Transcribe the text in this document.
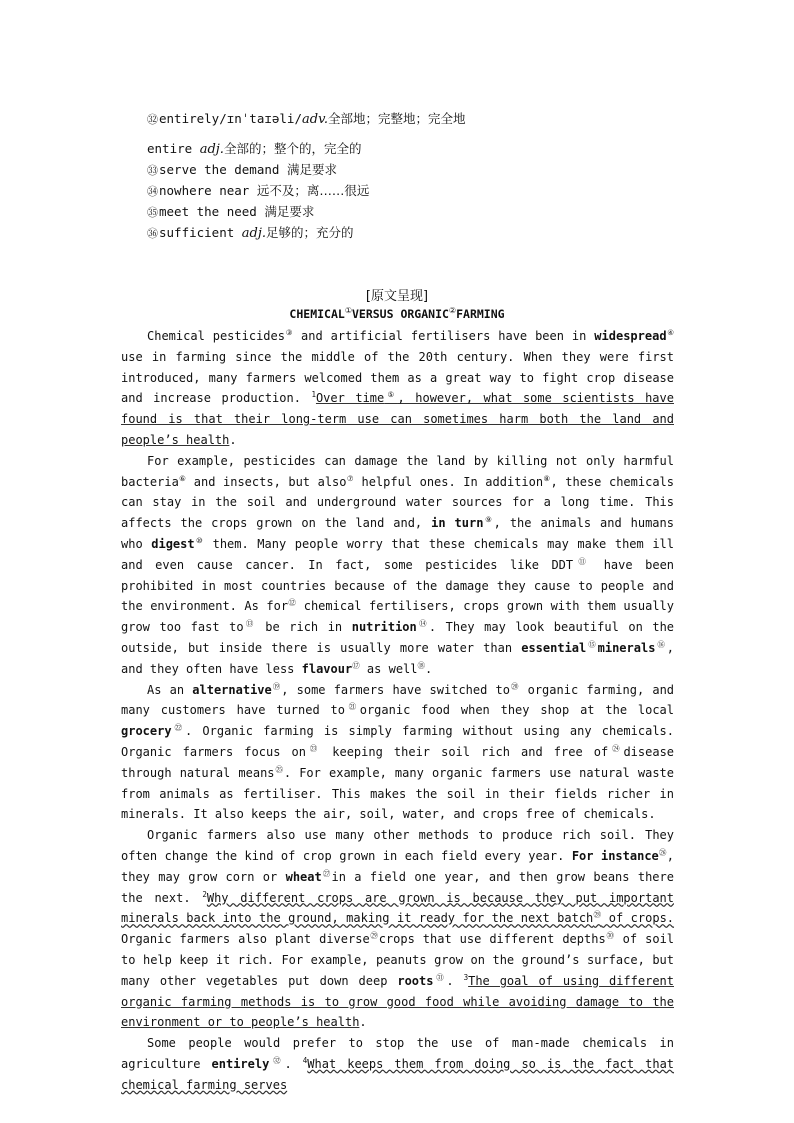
㉜entirely/ɪnˈtaɪəli/adv.全部地；完整地；完全地
entire adj.全部的；整个的，完全的
㉝serve the demand 满足要求
㉞nowhere near 远不及；离……很远
㉟meet the need 满足要求
㊱sufficient adj.足够的；充分的
[原文呈现]
CHEMICAL①VERSUS ORGANIC②FARMING

Chemical pesticides③ and artificial fertilisers have been in widespread④ use in farming since the middle of the 20th century. When they were first introduced, many farmers welcomed them as a great way to fight crop disease and increase production. $^1$Over time⑤, however, what some scientists have found is that their long-term use can sometimes harm both the land and people’s health.

For example, pesticides can damage the land by killing not only harmful bacteria⑥ and insects, but also⑦ helpful ones. In addition⑧, these chemicals can stay in the soil and underground water sources for a long time. This affects the crops grown on the land and, in turn⑨, the animals and humans who digest⑩ them. Many people worry that these chemicals may make them ill and even cause cancer. In fact, some pesticides like DDT⑪ have been prohibited in most countries because of the damage they cause to people and the environment. As for⑫ chemical fertilisers, crops grown with them usually grow too fast to⑬ be rich in nutrition⑭. They may look beautiful on the outside, but inside there is usually more water than essential⑮minerals⑯, and they often have less flavour⑰ as well⑱.

As an alternative⑲, some farmers have switched to⑳ organic farming, and many customers have turned $to^㉑organic$ food when they shop at the local grocery$^㉒$. Organic farming is simply farming without using any chemicals. Organic farmers focus $on^㉓$ keeping their soil rich and free $of^㉔disease$ through natural means$^㉕$. For example, many organic farmers use natural waste from animals as fertiliser. This makes the soil in their fields richer in minerals. It also keeps the air, soil, water, and crops free of chemicals.

Organic farmers also use many other methods to produce rich soil. They often change the kind of crop grown in each field every year. For instance$^㉖$, they may grow corn or wheat$^㉗$in a field one year, and then grow beans there the next. $^2$Why different crops are grown is because they put important minerals back into the ground, making it ready for the next batch$^㉘$ of crops. Organic farmers also plant diverse$^㉙$crops that use different depths$^㉚$ of soil to help keep it rich. For example, peanuts grow on the ground’s surface, but many other vegetables put down deep roots$^㉛$. $^3$The goal of using different organic farming methods is to grow good food while avoiding damage to the environment or to people’s health.

Some people would prefer to stop the use of man-made chemicals in agriculture entirely$^㉜$. $^4$What keeps them from doing so is the fact that chemical farming serves
